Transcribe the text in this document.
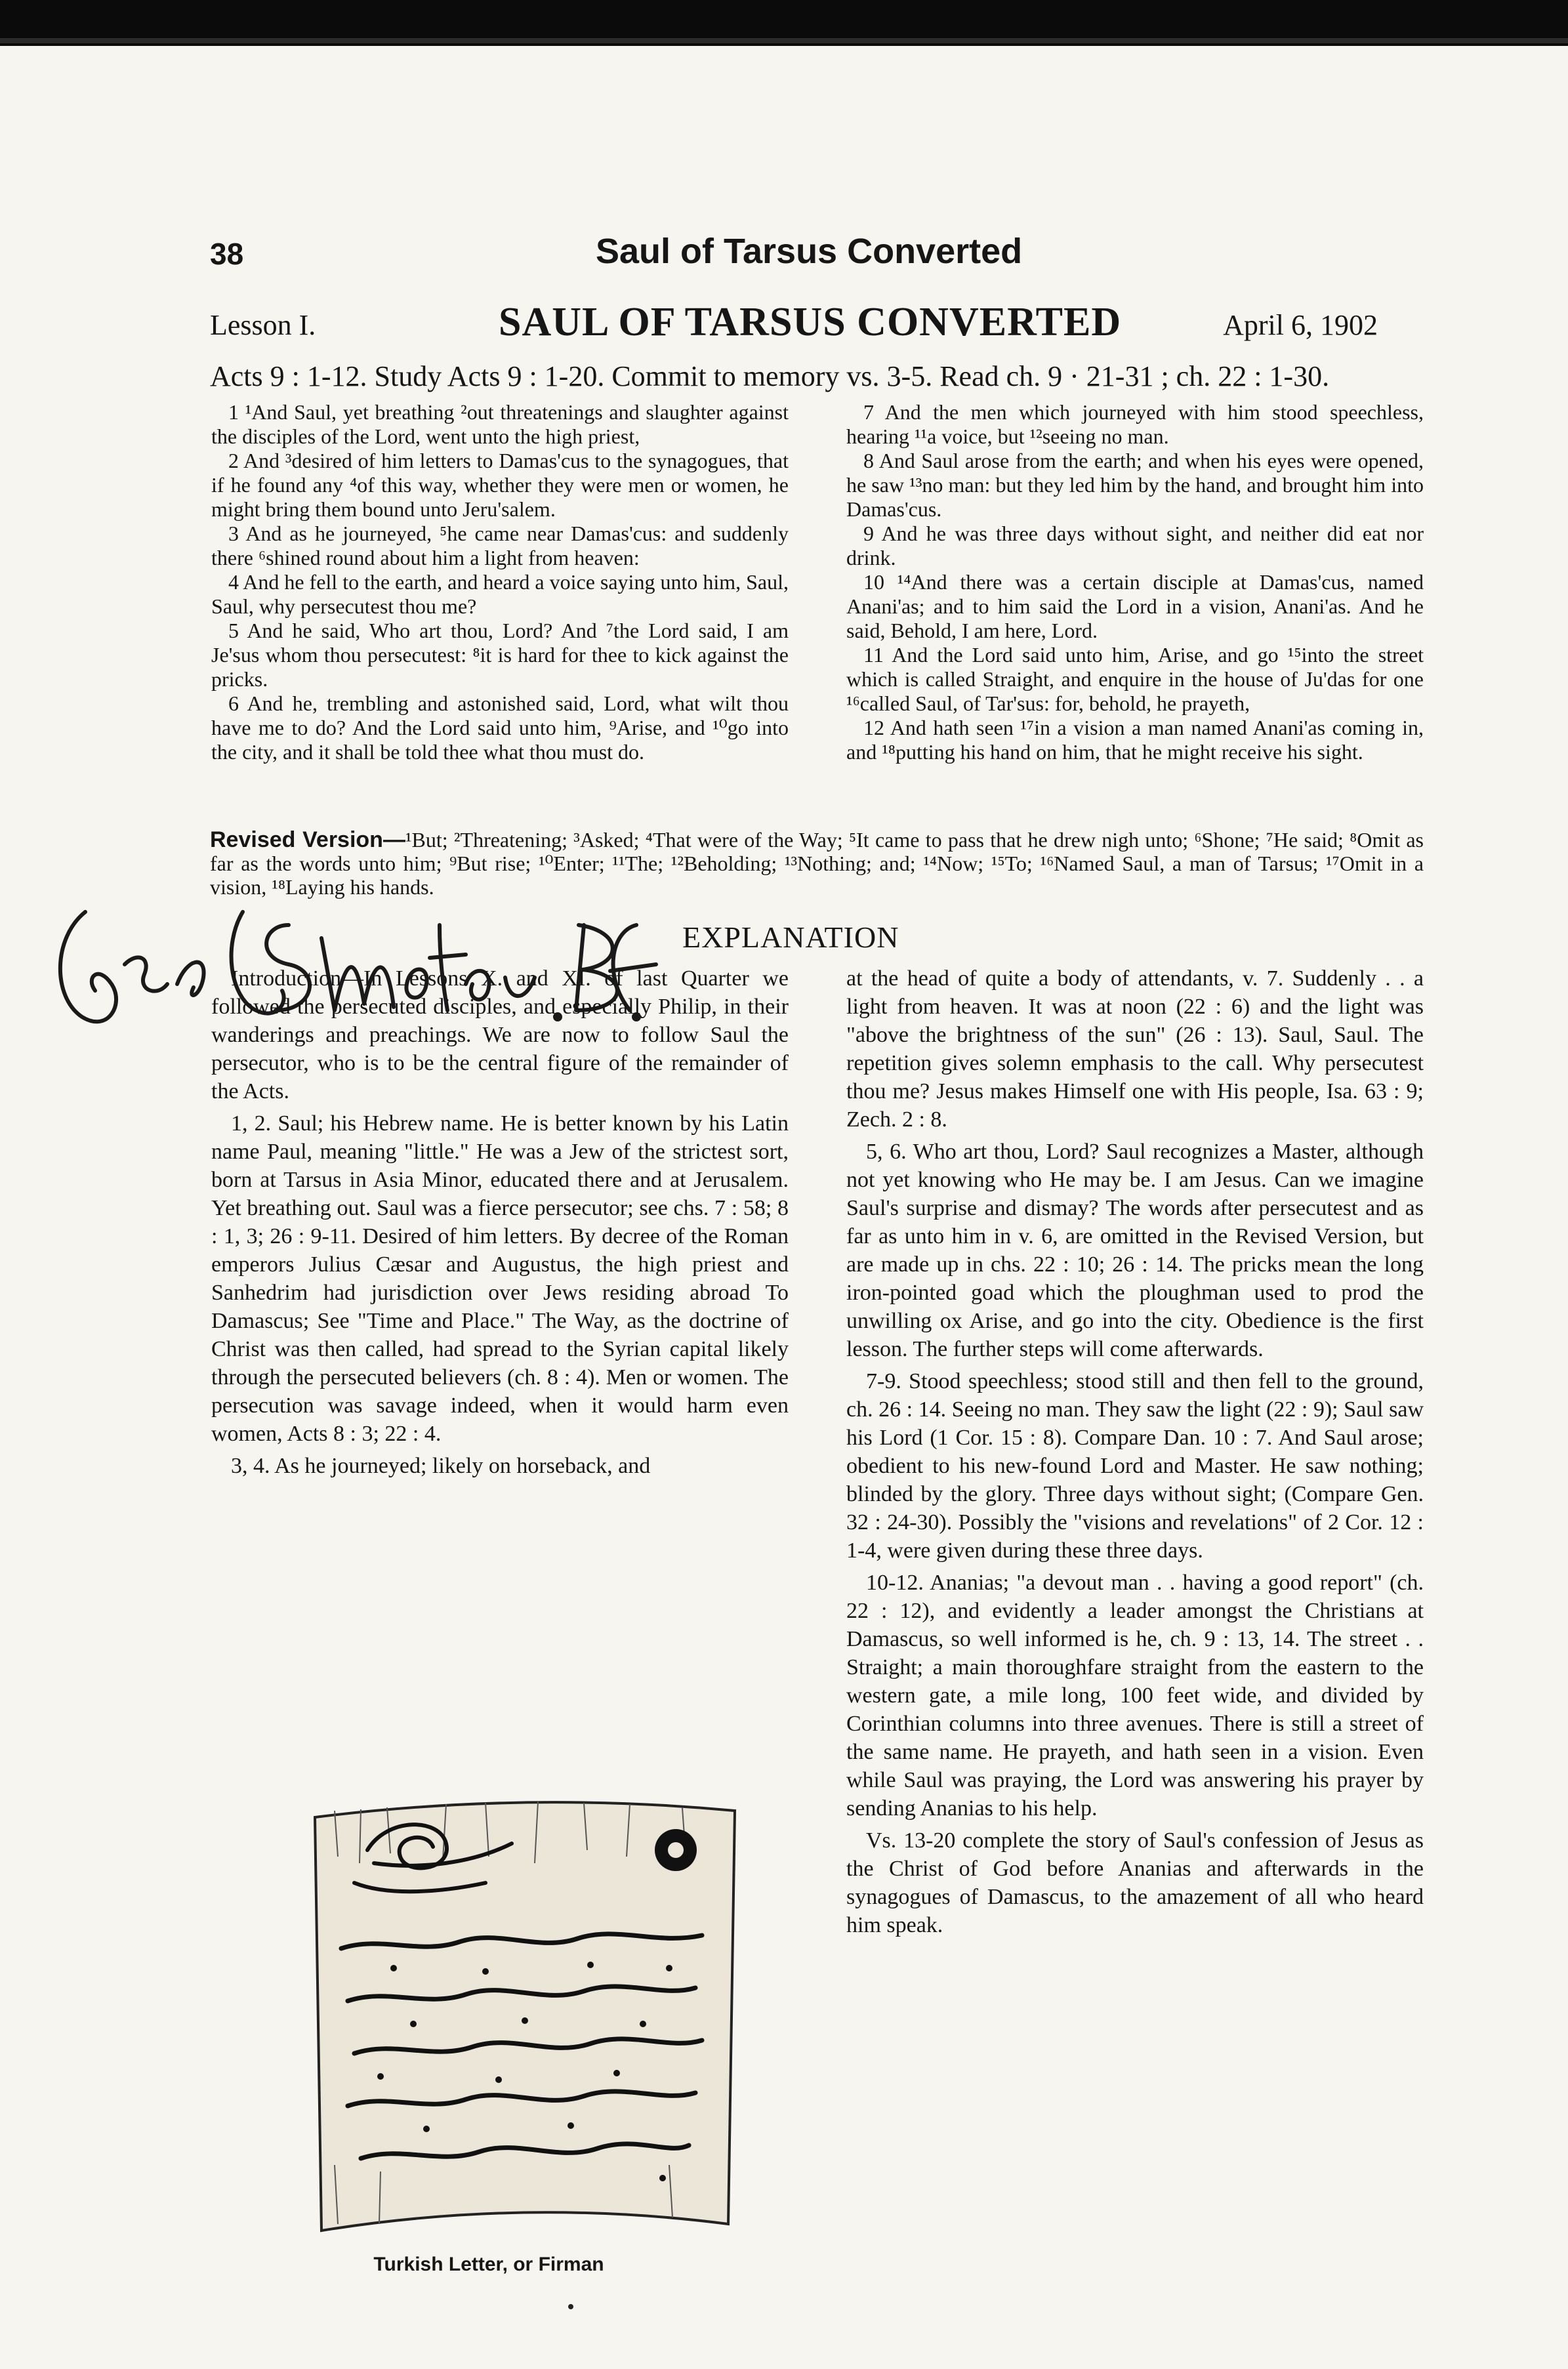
38	Saul of Tarsus Converted
Lesson I.	SAUL OF TARSUS CONVERTED	April 6, 1902
Acts 9 : 1-12. Study Acts 9 : 1-20. Commit to memory vs. 3-5. Read ch. 9 · 21-31 ; ch. 22 : 1-30.

1 ¹And Saul, yet breathing ²out threatenings and slaughter against the disciples of the Lord, went unto the high priest,

2 And ³desired of him letters to Damas'cus to the synagogues, that if he found any ⁴of this way, whether they were men or women, he might bring them bound unto Jeru'salem.

3 And as he journeyed, ⁵he came near Damas'cus: and suddenly there ⁶shined round about him a light from heaven:

4 And he fell to the earth, and heard a voice saying unto him, Saul, Saul, why persecutest thou me?

5 And he said, Who art thou, Lord? And ⁷the Lord said, I am Je'sus whom thou persecutest: ⁸it is hard for thee to kick against the pricks.

6 And he, trembling and astonished said, Lord, what wilt thou have me to do? And the Lord said unto him, ⁹Arise, and ¹⁰go into the city, and it shall be told thee what thou must do.

7 And the men which journeyed with him stood speechless, hearing ¹¹a voice, but ¹²seeing no man.

8 And Saul arose from the earth; and when his eyes were opened, he saw ¹³no man: but they led him by the hand, and brought him into Damas'cus.

9 And he was three days without sight, and neither did eat nor drink.

10 ¹⁴And there was a certain disciple at Damas'cus, named Anani'as; and to him said the Lord in a vision, Anani'as. And he said, Behold, I am here, Lord.

11 And the Lord said unto him, Arise, and go ¹⁵into the street which is called Straight, and enquire in the house of Ju'das for one ¹⁶called Saul, of Tar'sus: for, behold, he prayeth,

12 And hath seen ¹⁷in a vision a man named Anani'as coming in, and ¹⁸putting his hand on him, that he might receive his sight.

Revised Version—¹But; ²Threatening; ³Asked; ⁴That were of the Way; ⁵It came to pass that he drew nigh unto; ⁶Shone; ⁷He said; ⁸Omit as far as the words unto him; ⁹But rise; ¹⁰Enter; ¹¹The; ¹²Beholding; ¹³Nothing; and; ¹⁴Now; ¹⁵To; ¹⁶Named Saul, a man of Tarsus; ¹⁷Omit in a vision, ¹⁸Laying his hands.
EXPLANATION

Introduction—In Lessons X. and XI. of last Quarter we followed the persecuted disciples, and especially Philip, in their wanderings and preachings. We are now to follow Saul the persecutor, who is to be the central figure of the remainder of the Acts.

1, 2. Saul; his Hebrew name. He is better known by his Latin name Paul, meaning "little." He was a Jew of the strictest sort, born at Tarsus in Asia Minor, educated there and at Jerusalem. Yet breathing out. Saul was a fierce persecutor; see chs. 7 : 58; 8 : 1, 3; 26 : 9-11. Desired of him letters. By decree of the Roman emperors Julius Cæsar and Augustus, the high priest and Sanhedrim had jurisdiction over Jews residing abroad To Damascus; See "Time and Place." The Way, as the doctrine of Christ was then called, had spread to the Syrian capital likely through the persecuted believers (ch. 8 : 4). Men or women. The persecution was savage indeed, when it would harm even women, Acts 8 : 3; 22 : 4.

3, 4. As he journeyed; likely on horseback, and

Turkish Letter, or Firman

at the head of quite a body of attendants, v. 7. Suddenly . . a light from heaven. It was at noon (22 : 6) and the light was "above the brightness of the sun" (26 : 13). Saul, Saul. The repetition gives solemn emphasis to the call. Why persecutest thou me? Jesus makes Himself one with His people, Isa. 63 : 9; Zech. 2 : 8.

5, 6. Who art thou, Lord? Saul recognizes a Master, although not yet knowing who He may be. I am Jesus. Can we imagine Saul's surprise and dismay? The words after persecutest and as far as unto him in v. 6, are omitted in the Revised Version, but are made up in chs. 22 : 10; 26 : 14. The pricks mean the long iron-pointed goad which the ploughman used to prod the unwilling ox Arise, and go into the city. Obedience is the first lesson. The further steps will come afterwards.

7-9. Stood speechless; stood still and then fell to the ground, ch. 26 : 14. Seeing no man. They saw the light (22 : 9); Saul saw his Lord (1 Cor. 15 : 8). Compare Dan. 10 : 7. And Saul arose; obedient to his new-found Lord and Master. He saw nothing; blinded by the glory. Three days without sight; (Compare Gen. 32 : 24-30). Possibly the "visions and revelations" of 2 Cor. 12 : 1-4, were given during these three days.

10-12. Ananias; "a devout man . . having a good report" (ch. 22 : 12), and evidently a leader amongst the Christians at Damascus, so well informed is he, ch. 9 : 13, 14. The street . . Straight; a main thoroughfare straight from the eastern to the western gate, a mile long, 100 feet wide, and divided by Corinthian columns into three avenues. There is still a street of the same name. He prayeth, and hath seen in a vision. Even while Saul was praying, the Lord was answering his prayer by sending Ananias to his help.

Vs. 13-20 complete the story of Saul's confession of Jesus as the Christ of God before Ananias and afterwards in the synagogues of Damascus, to the amazement of all who heard him speak.
